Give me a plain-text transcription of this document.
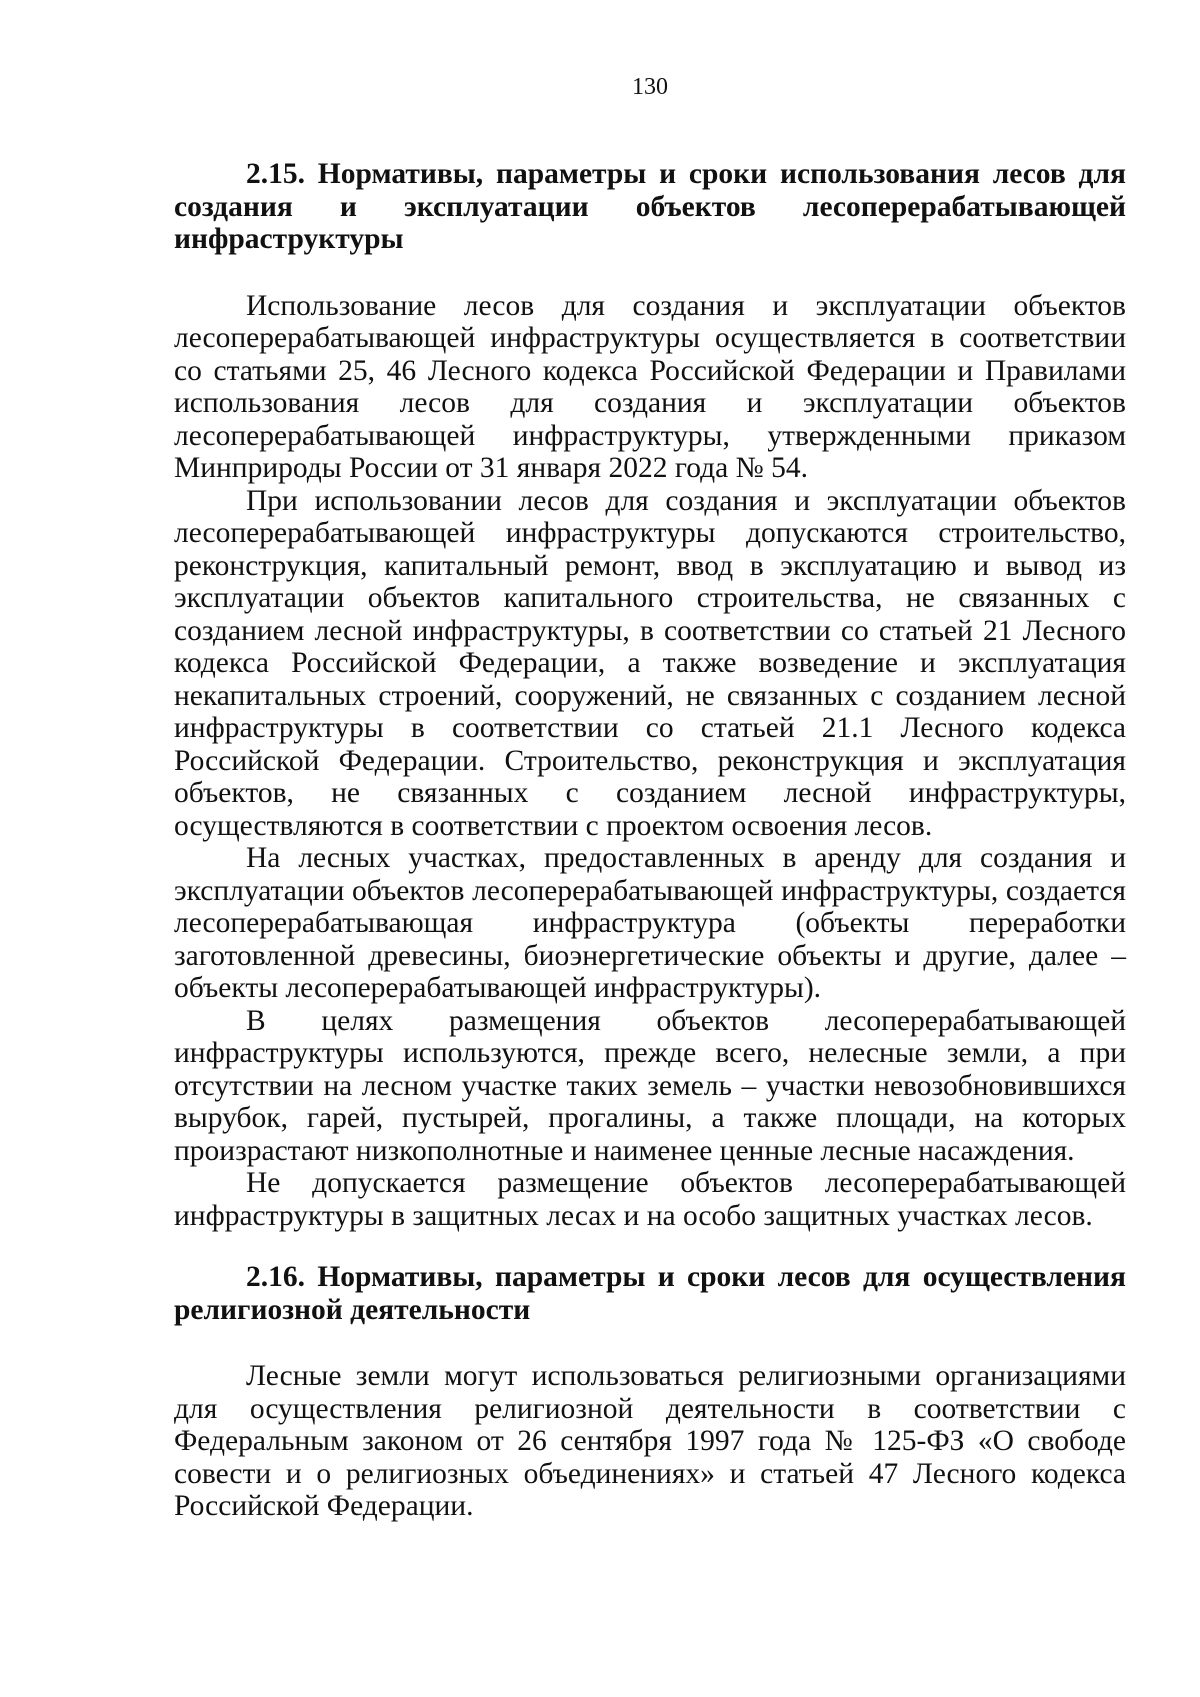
130
2.15. Нормативы, параметры и сроки использования лесов для создания и эксплуатации объектов лесоперерабатывающей инфраструктуры

Использование лесов для создания и эксплуатации объектов лесоперерабатывающей инфраструктуры осуществляется в соответствии со статьями 25, 46 Лесного кодекса Российской Федерации и Правилами использования лесов для создания и эксплуатации объектов лесоперерабатывающей инфраструктуры, утвержденными приказом Минприроды России от 31 января 2022 года № 54.

При использовании лесов для создания и эксплуатации объектов лесоперерабатывающей инфраструктуры допускаются строительство, реконструкция, капитальный ремонт, ввод в эксплуатацию и вывод из эксплуатации объектов капитального строительства, не связанных с созданием лесной инфраструктуры, в соответствии со статьей 21 Лесного кодекса Российской Федерации, а также возведение и эксплуатация некапитальных строений, сооружений, не связанных с созданием лесной инфраструктуры в соответствии со статьей 21.1 Лесного кодекса Российской Федерации. Строительство, реконструкция и эксплуатация объектов, не связанных с созданием лесной инфраструктуры, осуществляются в соответствии с проектом освоения лесов.

На лесных участках, предоставленных в аренду для создания и эксплуатации объектов лесоперерабатывающей инфраструктуры, создается лесоперерабатывающая инфраструктура (объекты переработки заготовленной древесины, биоэнергетические объекты и другие, далее – объекты лесоперерабатывающей инфраструктуры).

В целях размещения объектов лесоперерабатывающей инфраструктуры используются, прежде всего, нелесные земли, а при отсутствии на лесном участке таких земель – участки невозобновившихся вырубок, гарей, пустырей, прогалины, а также площади, на которых произрастают низкополнотные и наименее ценные лесные насаждения.

Не допускается размещение объектов лесоперерабатывающей инфраструктуры в защитных лесах и на особо защитных участках лесов.

2.16. Нормативы, параметры и сроки лесов для осуществления религиозной деятельности

Лесные земли могут использоваться религиозными организациями для осуществления религиозной деятельности в соответствии с Федеральным законом от 26 сентября 1997 года № 125-ФЗ «О свободе совести и о религиозных объединениях» и статьей 47 Лесного кодекса Российской Федерации.
